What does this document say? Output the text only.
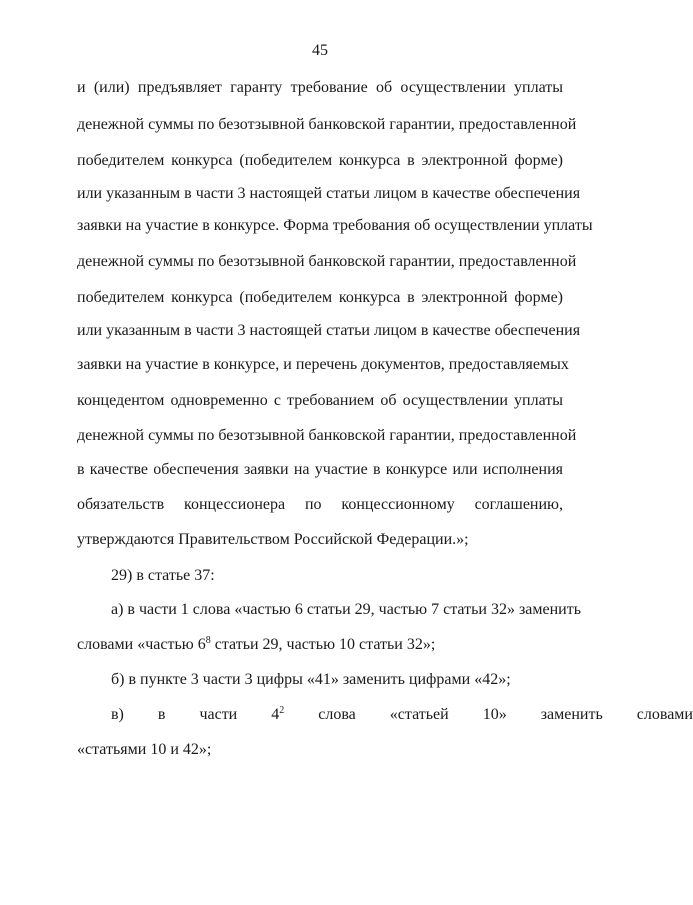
45
и (или) предъявляет гаранту требование об осуществлении уплаты
денежной суммы по безотзывной банковской гарантии, предоставленной
победителем конкурса (победителем конкурса в электронной форме)
или указанным в части 3 настоящей статьи лицом в качестве обеспечения
заявки на участие в конкурсе. Форма требования об осуществлении уплаты
денежной суммы по безотзывной банковской гарантии, предоставленной
победителем конкурса (победителем конкурса в электронной форме)
или указанным в части 3 настоящей статьи лицом в качестве обеспечения
заявки на участие в конкурсе, и перечень документов, предоставляемых
концедентом одновременно с требованием об осуществлении уплаты
денежной суммы по безотзывной банковской гарантии, предоставленной
в качестве обеспечения заявки на участие в конкурсе или исполнения
обязательств концессионера по концессионному соглашению,
утверждаются Правительством Российской Федерации.»;
29) в статье 37:
а) в части 1 слова «частью 6 статьи 29, частью 7 статьи 32» заменить
словами «частью $6^8$ статьи 29, частью 10 статьи 32»;
б) в пункте 3 части 3 цифры «41» заменить цифрами «42»;
в) в части $4^2$ слова «статьей 10» заменить словами
«статьями 10 и 42»;
